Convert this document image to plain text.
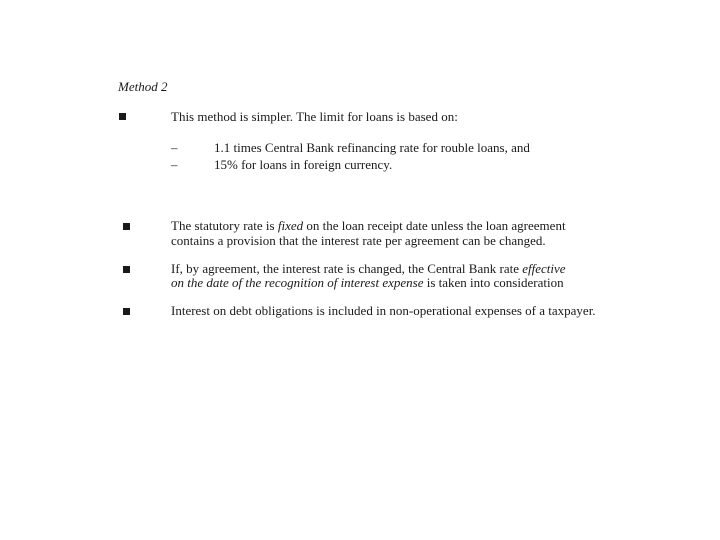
Method 2
This method is simpler. The limit for loans is based on:
–	1.1 times Central Bank refinancing rate for rouble loans, and
–	15% for loans in foreign currency.
The statutory rate is fixed on the loan receipt date unless the loan agreement
contains a provision that the interest rate per agreement can be changed.
If, by agreement, the interest rate is changed, the Central Bank rate effective
on the date of the recognition of interest expense is taken into consideration
Interest on debt obligations is included in non-operational expenses of a taxpayer.
